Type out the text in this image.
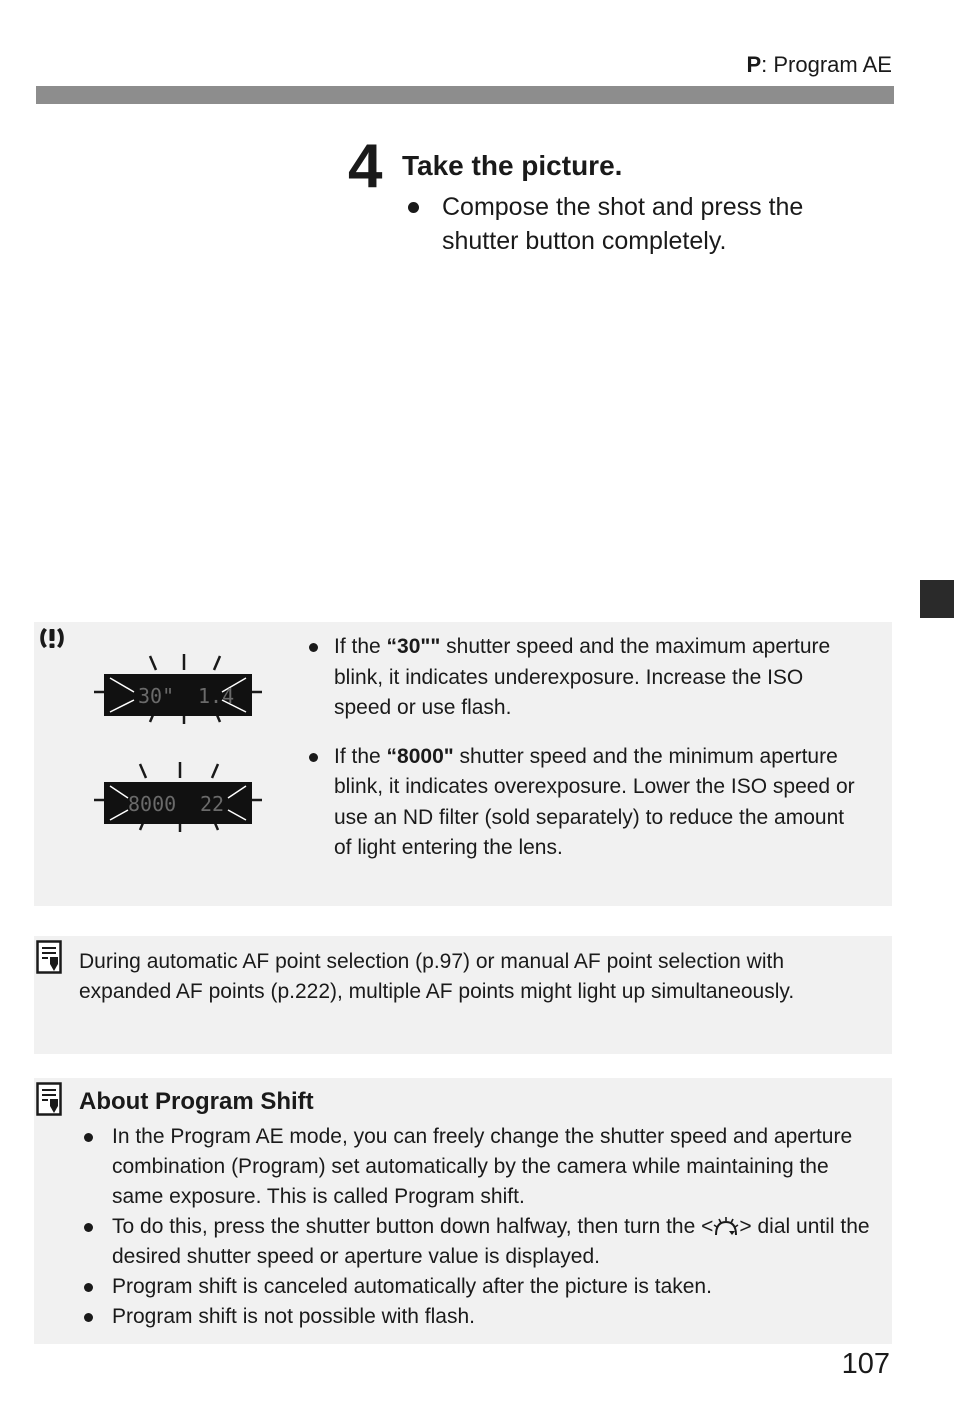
P: Program AE
4 Take the picture.
Compose the shot and press the shutter button completely.
30" 1.4
8000 22
If the “30"" shutter speed and the maximum aperture blink, it indicates underexposure. Increase the ISO speed or use flash.
If the “8000" shutter speed and the minimum aperture blink, it indicates overexposure. Lower the ISO speed or use an ND filter (sold separately) to reduce the amount of light entering the lens.
During automatic AF point selection (p.97) or manual AF point selection with expanded AF points (p.222), multiple AF points might light up simultaneously.
About Program Shift
In the Program AE mode, you can freely change the shutter speed and aperture combination (Program) set automatically by the camera while maintaining the same exposure. This is called Program shift.
To do this, press the shutter button down halfway, then turn the < > dial until the desired shutter speed or aperture value is displayed.
Program shift is canceled automatically after the picture is taken.
Program shift is not possible with flash.
107
